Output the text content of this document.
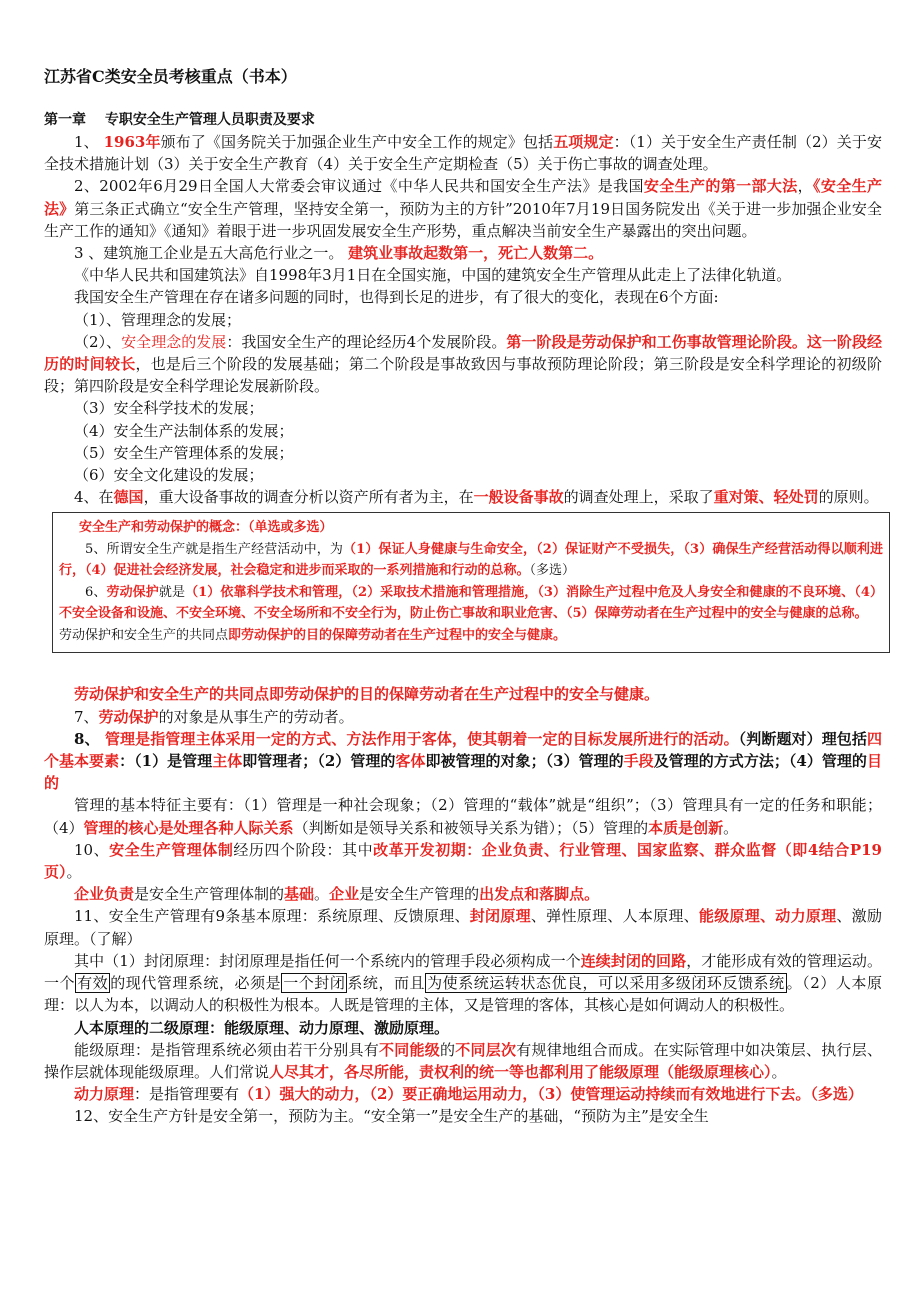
江苏省C类安全员考核重点（书本）
第一章　 专职安全生产管理人员职责及要求

1、 1963年颁布了《国务院关于加强企业生产中安全工作的规定》包括五项规定：（1）关于安全生产责任制（2）关于安全技术措施计划（3）关于安全生产教育（4）关于安全生产定期检查（5）关于伤亡事故的调查处理。

2、2002年6月29日全国人大常委会审议通过《中华人民共和国安全生产法》是我国安全生产的第一部大法，《安全生产法》第三条正式确立“安全生产管理，坚持安全第一，预防为主的方针”2010年7月19日国务院发出《关于进一步加强企业安全生产工作的通知》《通知》着眼于进一步巩固发展安全生产形势，重点解决当前安全生产暴露出的突出问题。

3 、建筑施工企业是五大高危行业之一。 建筑业事故起数第一，死亡人数第二。

《中华人民共和国建筑法》自1998年3月1日在全国实施，中国的建筑安全生产管理从此走上了法律化轨道。

我国安全生产管理在存在诸多问题的同时，也得到长足的进步，有了很大的变化，表现在6个方面:

（1）、管理理念的发展；

（2）、安全理念的发展：我国安全生产的理论经历4个发展阶段。第一阶段是劳动保护和工伤事故管理论阶段。这一阶段经历的时间较长，也是后三个阶段的发展基础；第二个阶段是事故致因与事故预防理论阶段；第三阶段是安全科学理论的初级阶段；第四阶段是安全科学理论发展新阶段。

（3）安全科学技术的发展；

（4）安全生产法制体系的发展；

（5）安全生产管理体系的发展；

（6）安全文化建设的发展；

4、在德国，重大设备事故的调查分析以资产所有者为主，在一般设备事故的调查处理上，采取了重对策、轻处罚的原则。

安全生产和劳动保护的概念：（单选或多选）

5、所谓安全生产就是指生产经营活动中，为（1）保证人身健康与生命安全，（2）保证财产不受损失，（3）确保生产经营活动得以顺利进行，（4）促进社会经济发展，社会稳定和进步而采取的一系列措施和行动的总称。（多选）

6、劳动保护就是（1）依靠科学技术和管理，（2）采取技术措施和管理措施，（3）消除生产过程中危及人身安全和健康的不良环境、（4）不安全设备和设施、不安全环境、不安全场所和不安全行为，防止伤亡事故和职业危害、（5）保障劳动者在生产过程中的安全与健康的总称。

劳动保护和安全生产的共同点即劳动保护的目的保障劳动者在生产过程中的安全与健康。

劳动保护和安全生产的共同点即劳动保护的目的保障劳动者在生产过程中的安全与健康。

7、劳动保护的对象是从事生产的劳动者。

8、 管理是指管理主体采用一定的方式、方法作用于客体，使其朝着一定的目标发展所进行的活动。（判断题对）理包括四个基本要素：（1）是管理主体即管理者；（2）管理的客体即被管理的对象；（3）管理的手段及管理的方式方法；（4）管理的目的

管理的基本特征主要有：（1）管理是一种社会现象；（2）管理的“载体”就是“组织”；（3）管理具有一定的任务和职能；（4）管理的核心是处理各种人际关系（判断如是领导关系和被领导关系为错）；（5）管理的本质是创新。

10、安全生产管理体制经历四个阶段：其中改革开发初期：企业负责、行业管理、国家监察、群众监督（即4结合P19页）。

企业负责是安全生产管理体制的基础。企业是安全生产管理的出发点和落脚点。

11、安全生产管理有9条基本原理：系统原理、反馈原理、封闭原理、弹性原理、人本原理、能级原理、动力原理、激励原理。（了解）

其中（1）封闭原理：封闭原理是指任何一个系统内的管理手段必须构成一个连续封闭的回路，才能形成有效的管理运动。一个 有效 的现代管理系统，必须是 一个封闭 系统，而且 为使系统运转状态优良，可以采用多级闭环反馈系统 。（2）人本原理：以人为本，以调动人的积极性为根本。人既是管理的主体，又是管理的客体，其核心是如何调动人的积极性。

人本原理的二级原理：能级原理、动力原理、激励原理。

能级原理：是指管理系统必须由若干分别具有不同能级的不同层次有规律地组合而成。在实际管理中如决策层、执行层、操作层就体现能级原理。人们常说人尽其才，各尽所能，责权利的统一等也都利用了能级原理（能级原理核心）。

动力原理：是指管理要有（1）强大的动力，（2）要正确地运用动力，（3）使管理运动持续而有效地进行下去。（多选）

12、安全生产方针是安全第一，预防为主。“安全第一”是安全生产的基础，“预防为主”是安全生
